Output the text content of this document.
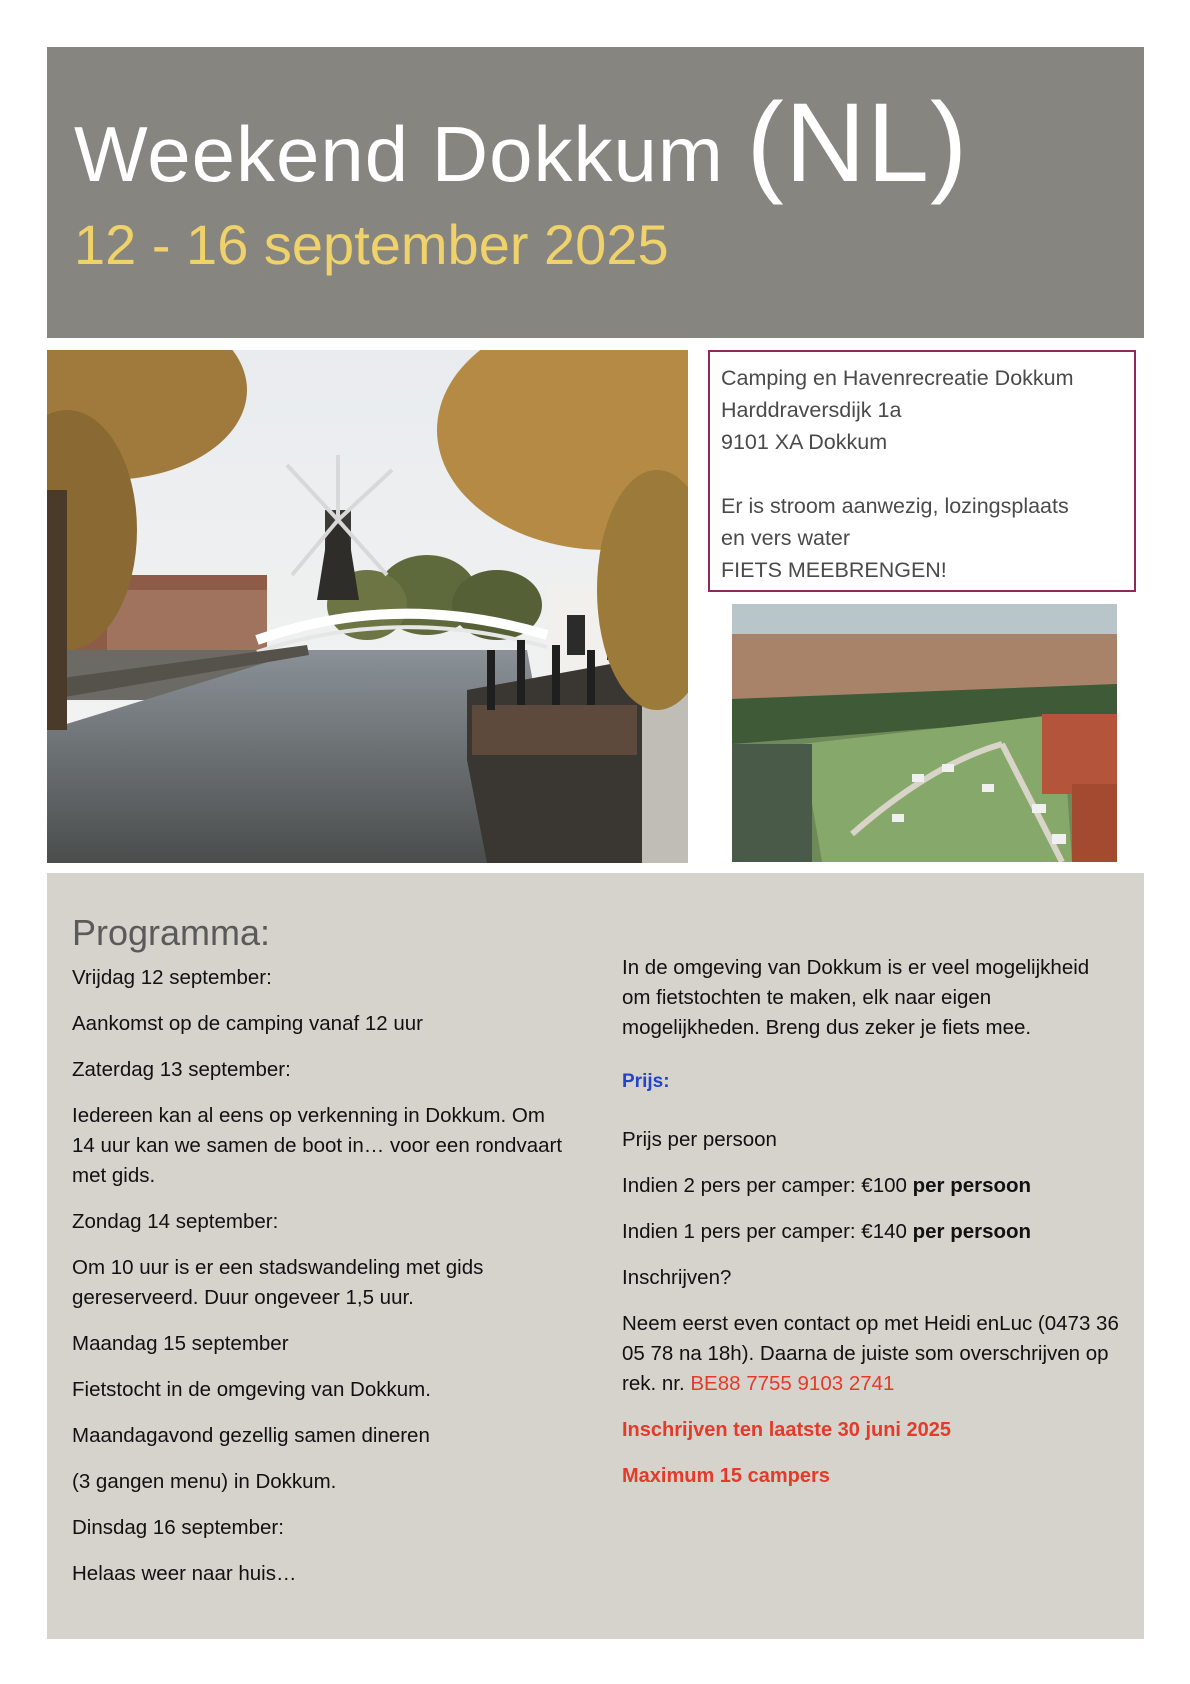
Weekend Dokkum (NL)
12 - 16 september 2025
Camping en Havenrecreatie Dokkum
Harddraversdijk 1a
9101 XA Dokkum
Er is stroom aanwezig, lozingsplaats
en vers water
FIETS MEEBRENGEN!
Programma:

Vrijdag 12 september:

Aankomst op de camping vanaf 12 uur

Zaterdag 13 september:

Iedereen kan al eens op verkenning in Dokkum. Om 14 uur kan we samen de boot in… voor een rondvaart met gids.

Zondag 14 september:

Om 10 uur is er een stadswandeling met gids gereserveerd. Duur ongeveer 1,5 uur.

Maandag 15 september

Fietstocht in de omgeving van Dokkum.

Maandagavond gezellig samen dineren

(3 gangen menu) in Dokkum.

Dinsdag 16 september:

Helaas weer naar huis…

In de omgeving van Dokkum is er veel mogelijkheid om fietstochten te maken, elk naar eigen mogelijkheden. Breng dus zeker je fiets mee.

Prijs:

Prijs per persoon

Indien 2 pers per camper: €100 per persoon

Indien 1 pers per camper: €140 per persoon

Inschrijven?

Neem eerst even contact op met Heidi enLuc (0473 36 05 78 na 18h). Daarna de juiste som overschrijven op rek. nr. BE88 7755 9103 2741

Inschrijven ten laatste 30 juni 2025

Maximum 15 campers
